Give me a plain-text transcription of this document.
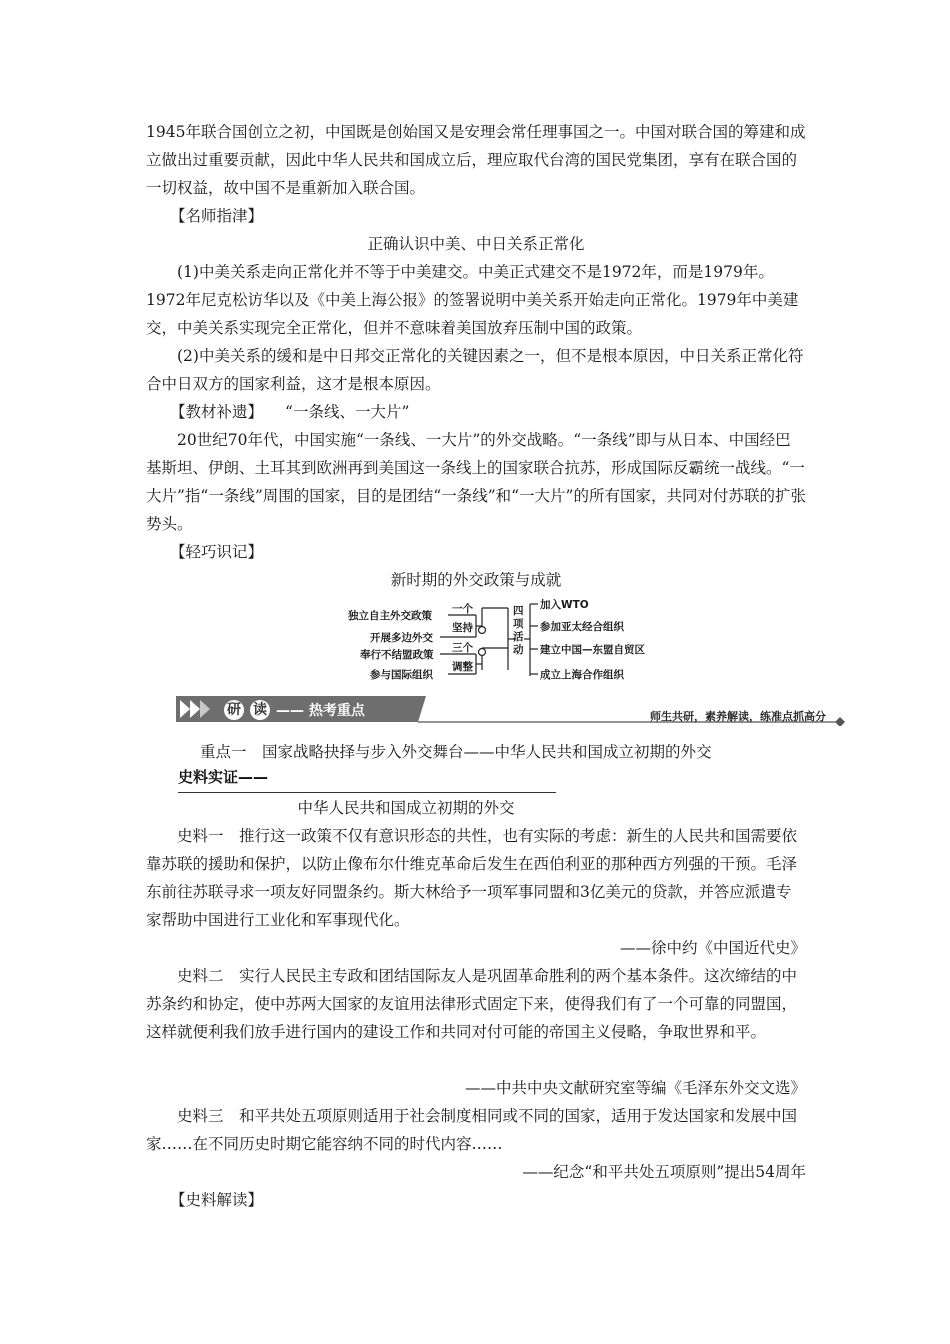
1945年联合国创立之初，中国既是创始国又是安理会常任理事国之一。中国对联合国的筹建和成立做出过重要贡献，因此中华人民共和国成立后，理应取代台湾的国民党集团，享有在联合国的一切权益，故中国不是重新加入联合国。

【名师指津】

正确认识中美、中日关系正常化

(1)中美关系走向正常化并不等于中美建交。中美正式建交不是1972年，而是1979年。1972年尼克松访华以及《中美上海公报》的签署说明中美关系开始走向正常化。1979年中美建交，中美关系实现完全正常化，但并不意味着美国放弃压制中国的政策。

(2)中美关系的缓和是中日邦交正常化的关键因素之一，但不是根本原因，中日关系正常化符合中日双方的国家利益，这才是根本原因。

【教材补遗】 “一条线、一大片”

20世纪70年代，中国实施“一条线、一大片”的外交战略。“一条线”即与从日本、中国经巴基斯坦、伊朗、土耳其到欧洲再到美国这一条线上的国家联合抗苏，形成国际反霸统一战线。“一大片”指“一条线”周围的国家，目的是团结“一条线”和“一大片”的所有国家，共同对付苏联的扩张势头。

【轻巧识记】

新时期的外交政策与成就

独立自主外交政策
开展多边外交
奉行不结盟政策
参与国际组织
一个
坚持
三个
调整
四
项
活
动
加入WTO
参加亚太经合组织
建立中国—东盟自贸区
成立上海合作组织
研 读 —— 热考重点	师生共研，素养解读，练准点抓高分

重点一　国家战略抉择与步入外交舞台——中华人民共和国成立初期的外交

史料实证——

中华人民共和国成立初期的外交

史料一　推行这一政策不仅有意识形态的共性，也有实际的考虑：新生的人民共和国需要依靠苏联的援助和保护，以防止像布尔什维克革命后发生在西伯利亚的那种西方列强的干预。毛泽东前往苏联寻求一项友好同盟条约。斯大林给予一项军事同盟和3亿美元的贷款，并答应派遣专家帮助中国进行工业化和军事现代化。

——徐中约《中国近代史》

史料二　实行人民民主专政和团结国际友人是巩固革命胜利的两个基本条件。这次缔结的中苏条约和协定，使中苏两大国家的友谊用法律形式固定下来，使得我们有了一个可靠的同盟国，这样就便利我们放手进行国内的建设工作和共同对付可能的帝国主义侵略，争取世界和平。

——中共中央文献研究室等编《毛泽东外交文选》

史料三　和平共处五项原则适用于社会制度相同或不同的国家，适用于发达国家和发展中国家……在不同历史时期它能容纳不同的时代内容……

——纪念“和平共处五项原则”提出54周年

【史料解读】
